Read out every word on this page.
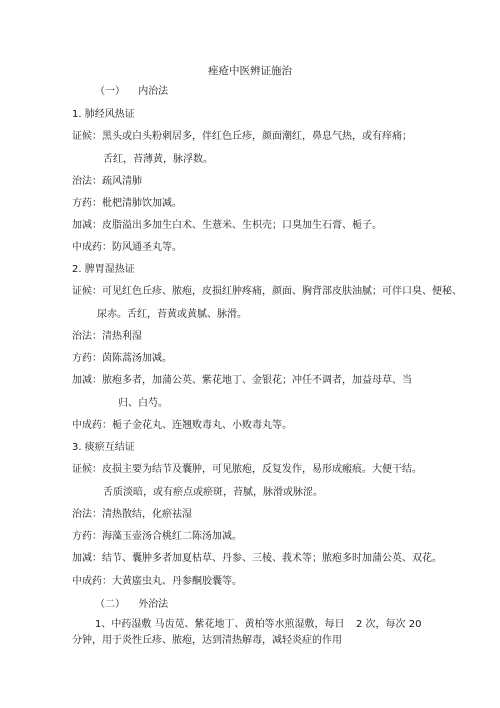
痤疮中医辨证施治
（一） 内治法
1. 肺经风热证
证候：黑头或白头粉刺居多，伴红色丘疹，颜面潮红，鼻息气热，或有痒痛；
舌红，苔薄黄，脉浮数。
治法：疏风清肺
方药：枇杷清肺饮加减。
加减：皮脂溢出多加生白术、生薏米、生枳壳；口臭加生石膏、栀子。
中成药：防风通圣丸等。
2. 脾胃湿热证
证候：可见红色丘疹、脓疱，皮损红肿疼痛，颜面、胸背部皮肤油腻；可伴口臭、便秘、
尿赤。舌红，苔黄或黄腻、脉滑。
治法：清热利湿
方药：茵陈蒿汤加减。
加减：脓疱多者，加蒲公英、紫花地丁、金银花；冲任不调者，加益母草、当
归、白芍。
中成药：栀子金花丸、连翘败毒丸、小败毒丸等。
3. 痰瘀互结证
证候：皮损主要为结节及囊肿，可见脓疱，反复发作，易形成瘢痕。大便干结。
舌质淡暗，或有瘀点或瘀斑，苔腻，脉滑或脉涩。
治法：清热散结，化瘀祛湿
方药：海藻玉壶汤合桃红二陈汤加减。
加减：结节、囊肿多者加夏枯草、丹参、三棱、莪术等；脓疱多时加蒲公英、双花。
中成药：大黄䗪虫丸、丹参酮胶囊等。
（二） 外治法
1、中药湿敷 马齿苋、紫花地丁、黄柏等水煎湿敷，每日 2 次，每次 20
分钟，用于炎性丘疹、脓疱，达到清热解毒，减轻炎症的作用
